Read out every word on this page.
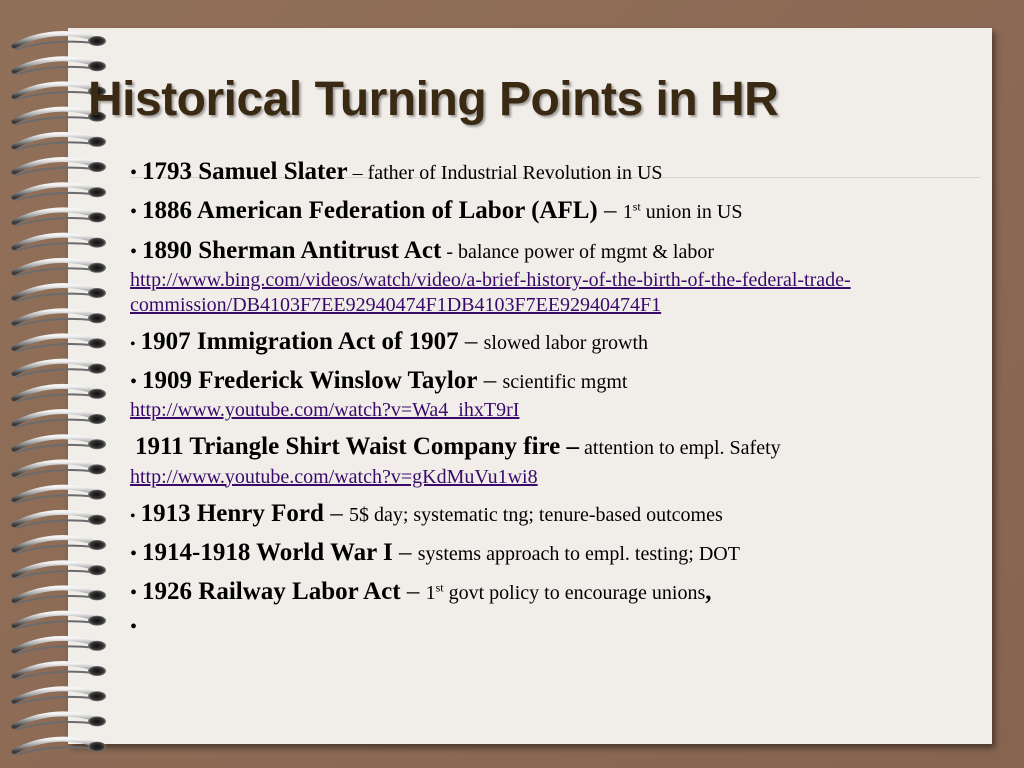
Historical Turning Points in HR
• 1793 Samuel Slater – father of Industrial Revolution in US
• 1886 American Federation of Labor (AFL) – 1st union in US
• 1890 Sherman Antitrust Act - balance power of mgmt & labor
http://www.bing.com/videos/watch/video/a-brief-history-of-the-birth-of-the-federal-trade-commission/DB4103F7EE92940474F1DB4103F7EE92940474F1
• 1907 Immigration Act of 1907 – slowed labor growth
• 1909 Frederick Winslow Taylor – scientific mgmt
http://www.youtube.com/watch?v=Wa4_ihxT9rI
1911 Triangle Shirt Waist Company fire – attention to empl. Safety
http://www.youtube.com/watch?v=gKdMuVu1wi8
• 1913 Henry Ford – 5$ day; systematic tng; tenure-based outcomes
• 1914-1918 World War I – systems approach to empl. testing; DOT
• 1926 Railway Labor Act – 1st govt policy to encourage unions,
•
